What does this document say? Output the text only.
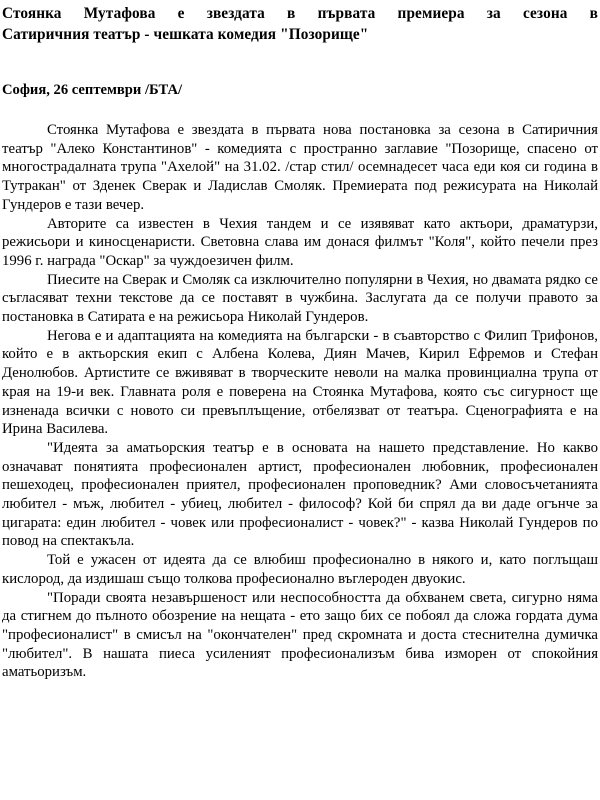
Стоянка Мутафова е звездата в първата премиера за сезона в
Сатиричния театър - чешката комедия "Позорище"

София, 26 септември /БТА/

Стоянка Мутафова е звездата в първата нова постановка за сезона в Сатиричния театър "Алеко Константинов" - комедията с пространно заглавие "Позорище, спасено от многострадалната трупа "Ахелой" на 31.02. /стар стил/ осемнадесет часа еди коя си година в Тутракан" от Зденек Сверак и Ладислав Смоляк. Премиерата под режисурата на Николай Гундеров е тази вечер.

Авторите са известен в Чехия тандем и се изявяват като актьори, драматурзи, режисьори и киносценаристи. Световна слава им донася филмът "Коля", който печели през 1996 г. награда "Оскар" за чуждоезичен филм.

Пиесите на Сверак и Смоляк са изключително популярни в Чехия, но двамата рядко се съгласяват техни текстове да се поставят в чужбина. Заслугата да се получи правото за постановка в Сатирата е на режисьора Николай Гундеров.

Негова е и адаптацията на комедията на български - в съавторство с Филип Трифонов, който е в актьорския екип с Албена Колева, Диян Мачев, Кирил Ефремов и Стефан Денолюбов. Артистите се вживяват в творческите неволи на малка провинциална трупа от края на 19-и век. Главната роля е поверена на Стоянка Мутафова, която със сигурност ще изненада всички с новото си превъплъщение, отбелязват от театъра. Сценографията е на Ирина Василева.

"Идеята за аматьорския театър е в основата на нашето представление. Но какво означават понятията професионален артист, професионален любовник, професионален пешеходец, професионален приятел, професионален проповедник? Ами словосъчетанията любител - мъж, любител - убиец, любител - философ? Кой би спрял да ви даде огънче за цигарата: един любител - човек или професионалист - човек?" - казва Николай Гундеров по повод на спектакъла.

Той е ужасен от идеята да се влюбиш професионално в някого и, като поглъщаш кислород, да издишаш също толкова професионално въглероден двуокис.

"Поради своята незавършеност или неспособността да обхванем света, сигурно няма да стигнем до пълното обозрение на нещата - ето защо бих се побоял да сложа гордата дума "професионалист" в смисъл на "окончателен" пред скромната и доста стеснителна думичка "любител". В нашата пиеса усиленият професионализъм бива изморен от спокойния аматьоризъм.
